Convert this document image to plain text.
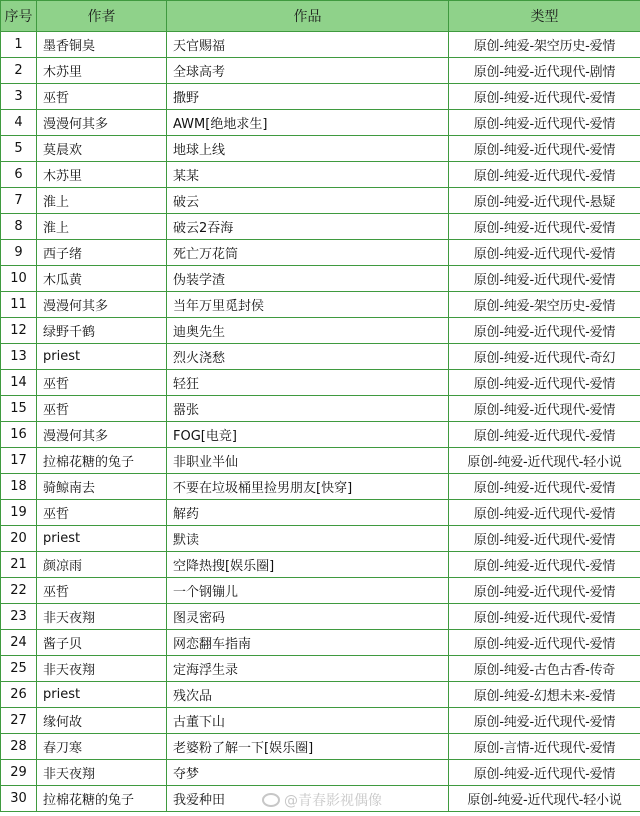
序号	作者	作品	类型
1	墨香铜臭	天官赐福	原创-纯爱-架空历史-爱情
2	木苏里	全球高考	原创-纯爱-近代现代-剧情
3	巫哲	撒野	原创-纯爱-近代现代-爱情
4	漫漫何其多	AWM[绝地求生]	原创-纯爱-近代现代-爱情
5	莫晨欢	地球上线	原创-纯爱-近代现代-爱情
6	木苏里	某某	原创-纯爱-近代现代-爱情
7	淮上	破云	原创-纯爱-近代现代-悬疑
8	淮上	破云2吞海	原创-纯爱-近代现代-爱情
9	西子绪	死亡万花筒	原创-纯爱-近代现代-爱情
10	木瓜黄	伪装学渣	原创-纯爱-近代现代-爱情
11	漫漫何其多	当年万里觅封侯	原创-纯爱-架空历史-爱情
12	绿野千鹤	迪奥先生	原创-纯爱-近代现代-爱情
13	priest	烈火浇愁	原创-纯爱-近代现代-奇幻
14	巫哲	轻狂	原创-纯爱-近代现代-爱情
15	巫哲	嚣张	原创-纯爱-近代现代-爱情
16	漫漫何其多	FOG[电竞]	原创-纯爱-近代现代-爱情
17	拉棉花糖的兔子	非职业半仙	原创-纯爱-近代现代-轻小说
18	骑鲸南去	不要在垃圾桶里捡男朋友[快穿]	原创-纯爱-近代现代-爱情
19	巫哲	解药	原创-纯爱-近代现代-爱情
20	priest	默读	原创-纯爱-近代现代-爱情
21	颜凉雨	空降热搜[娱乐圈]	原创-纯爱-近代现代-爱情
22	巫哲	一个钢镚儿	原创-纯爱-近代现代-爱情
23	非天夜翔	图灵密码	原创-纯爱-近代现代-爱情
24	酱子贝	网恋翻车指南	原创-纯爱-近代现代-爱情
25	非天夜翔	定海浮生录	原创-纯爱-古色古香-传奇
26	priest	残次品	原创-纯爱-幻想未来-爱情
27	缘何故	古董下山	原创-纯爱-近代现代-爱情
28	春刀寒	老婆粉了解一下[娱乐圈]	原创-言情-近代现代-爱情
29	非天夜翔	夺梦	原创-纯爱-近代现代-爱情
30	拉棉花糖的兔子	我爱种田	原创-纯爱-近代现代-轻小说
@青春影视偶像
